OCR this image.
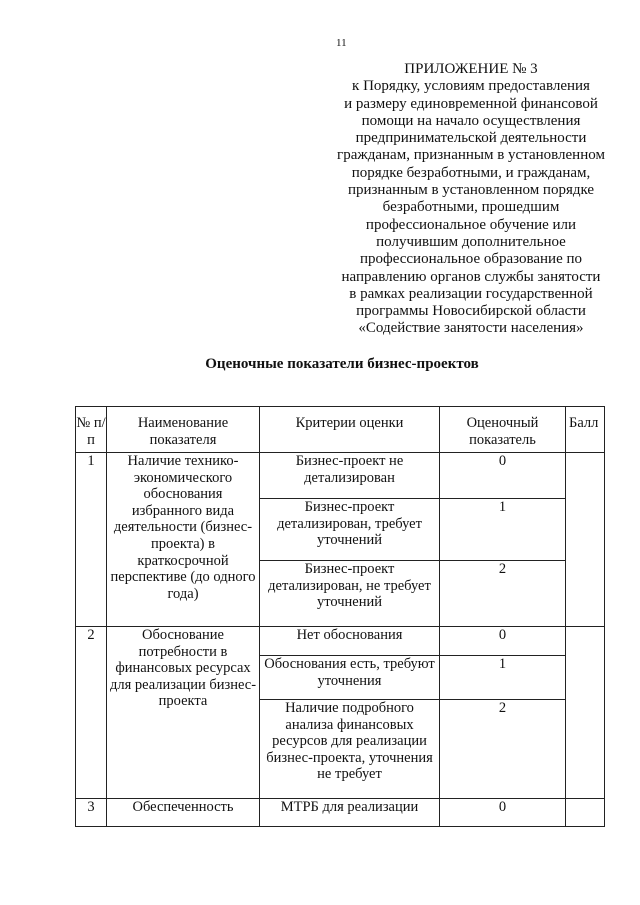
11
ПРИЛОЖЕНИЕ № 3
к Порядку, условиям предоставления
и размеру единовременной финансовой
помощи на начало осуществления
предпринимательской деятельности
гражданам, признанным в установленном
порядке безработными, и гражданам,
признанным в установленном порядке
безработными, прошедшим
профессиональное обучение или
получившим дополнительное
профессиональное образование по
направлению органов службы занятости
в рамках реализации государственной
программы Новосибирской области
«Содействие занятости населения»
Оценочные показатели бизнес-проектов
№ п/п	Наименование показателя	Критерии оценки	Оценочный показатель	Балл
1	Наличие технико-экономического обоснования избранного вида деятельности (бизнес-проекта) в краткосрочной перспективе (до одного года)	Бизнес-проект не детализирован	0	
		Бизнес-проект детализирован, требует уточнений	1	
		Бизнес-проект детализирован, не требует уточнений	2	
2	Обоснование потребности в финансовых ресурсах для реализации бизнес-проекта	Нет обоснования	0	
		Обоснования есть, требуют уточнения	1	
		Наличие подробного анализа финансовых ресурсов для реализации бизнес-проекта, уточнения не требует	2	
3	Обеспеченность	МТРБ для реализации	0	
